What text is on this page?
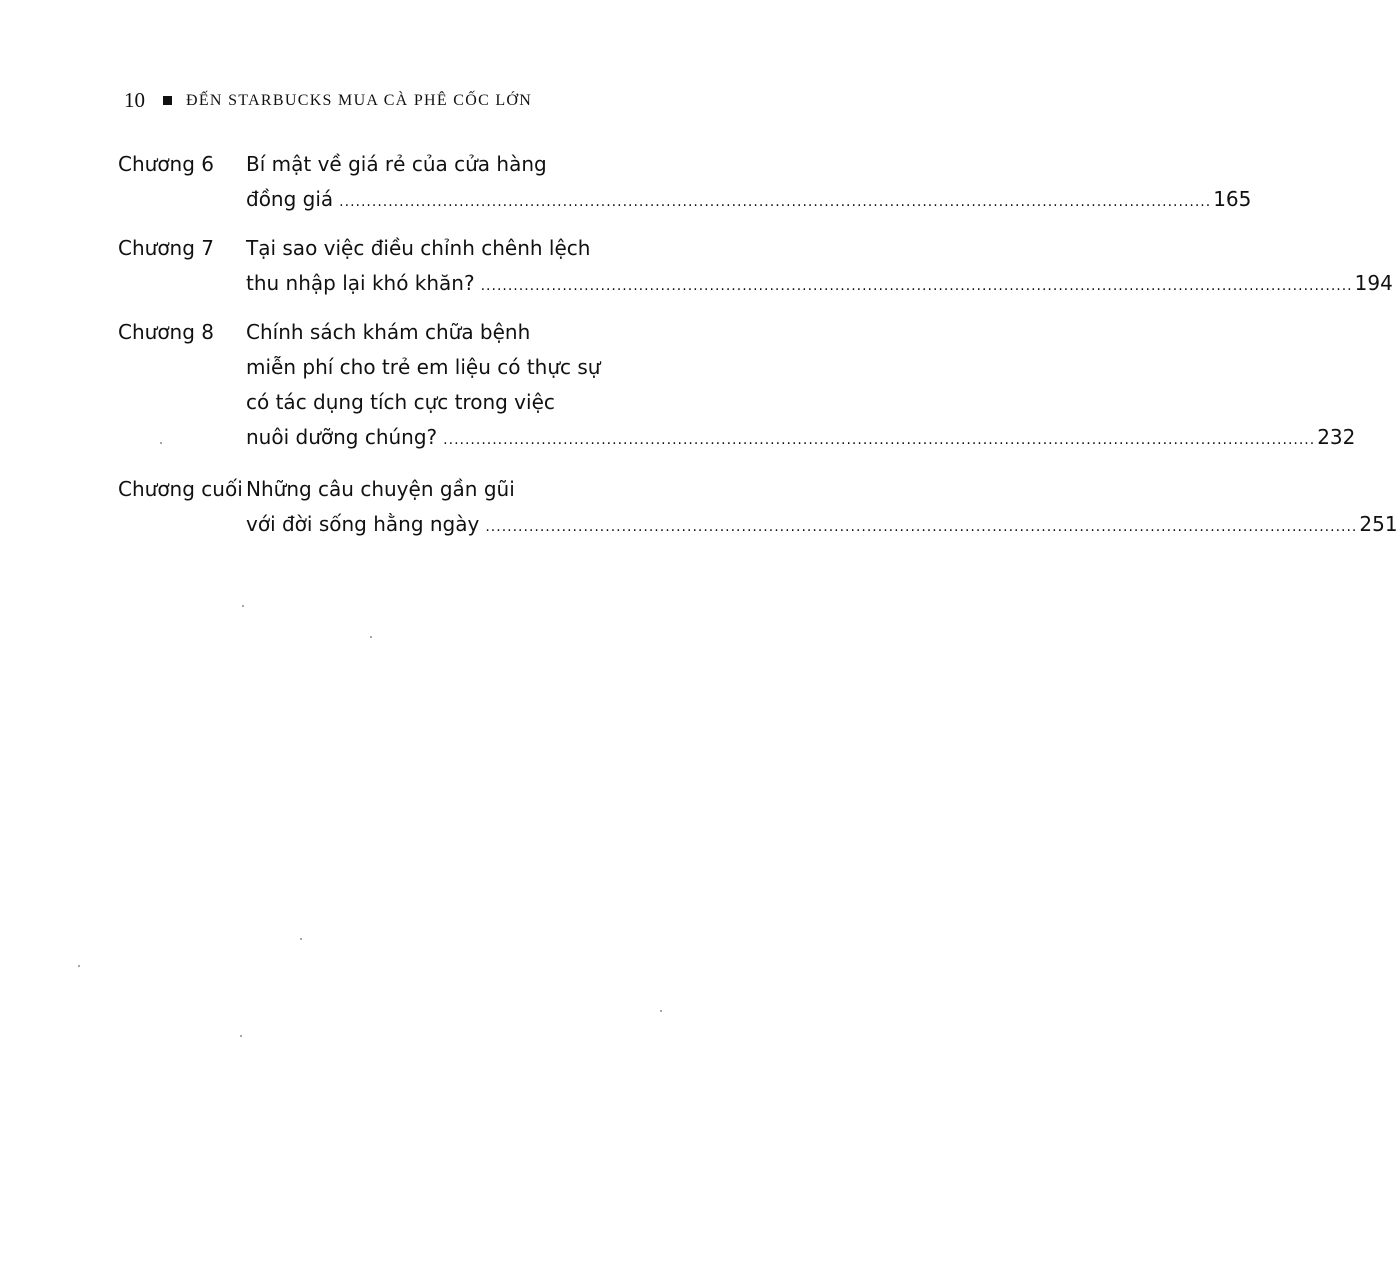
10	ĐẾN STARBUCKS MUA CÀ PHÊ CỐC LỚN
Chương 6 Bí mật về giá rẻ của cửa hàng
đồng giá ................................................................................................................................................................ 165
Chương 7 Tại sao việc điều chỉnh chênh lệch
thu nhập lại khó khăn? ................................................................................................................................................................ 194
Chương 8 Chính sách khám chữa bệnh
miễn phí cho trẻ em liệu có thực sự
có tác dụng tích cực trong việc
nuôi dưỡng chúng? ................................................................................................................................................................ 232
Chương cuối Những câu chuyện gần gũi
với đời sống hằng ngày ................................................................................................................................................................ 251
